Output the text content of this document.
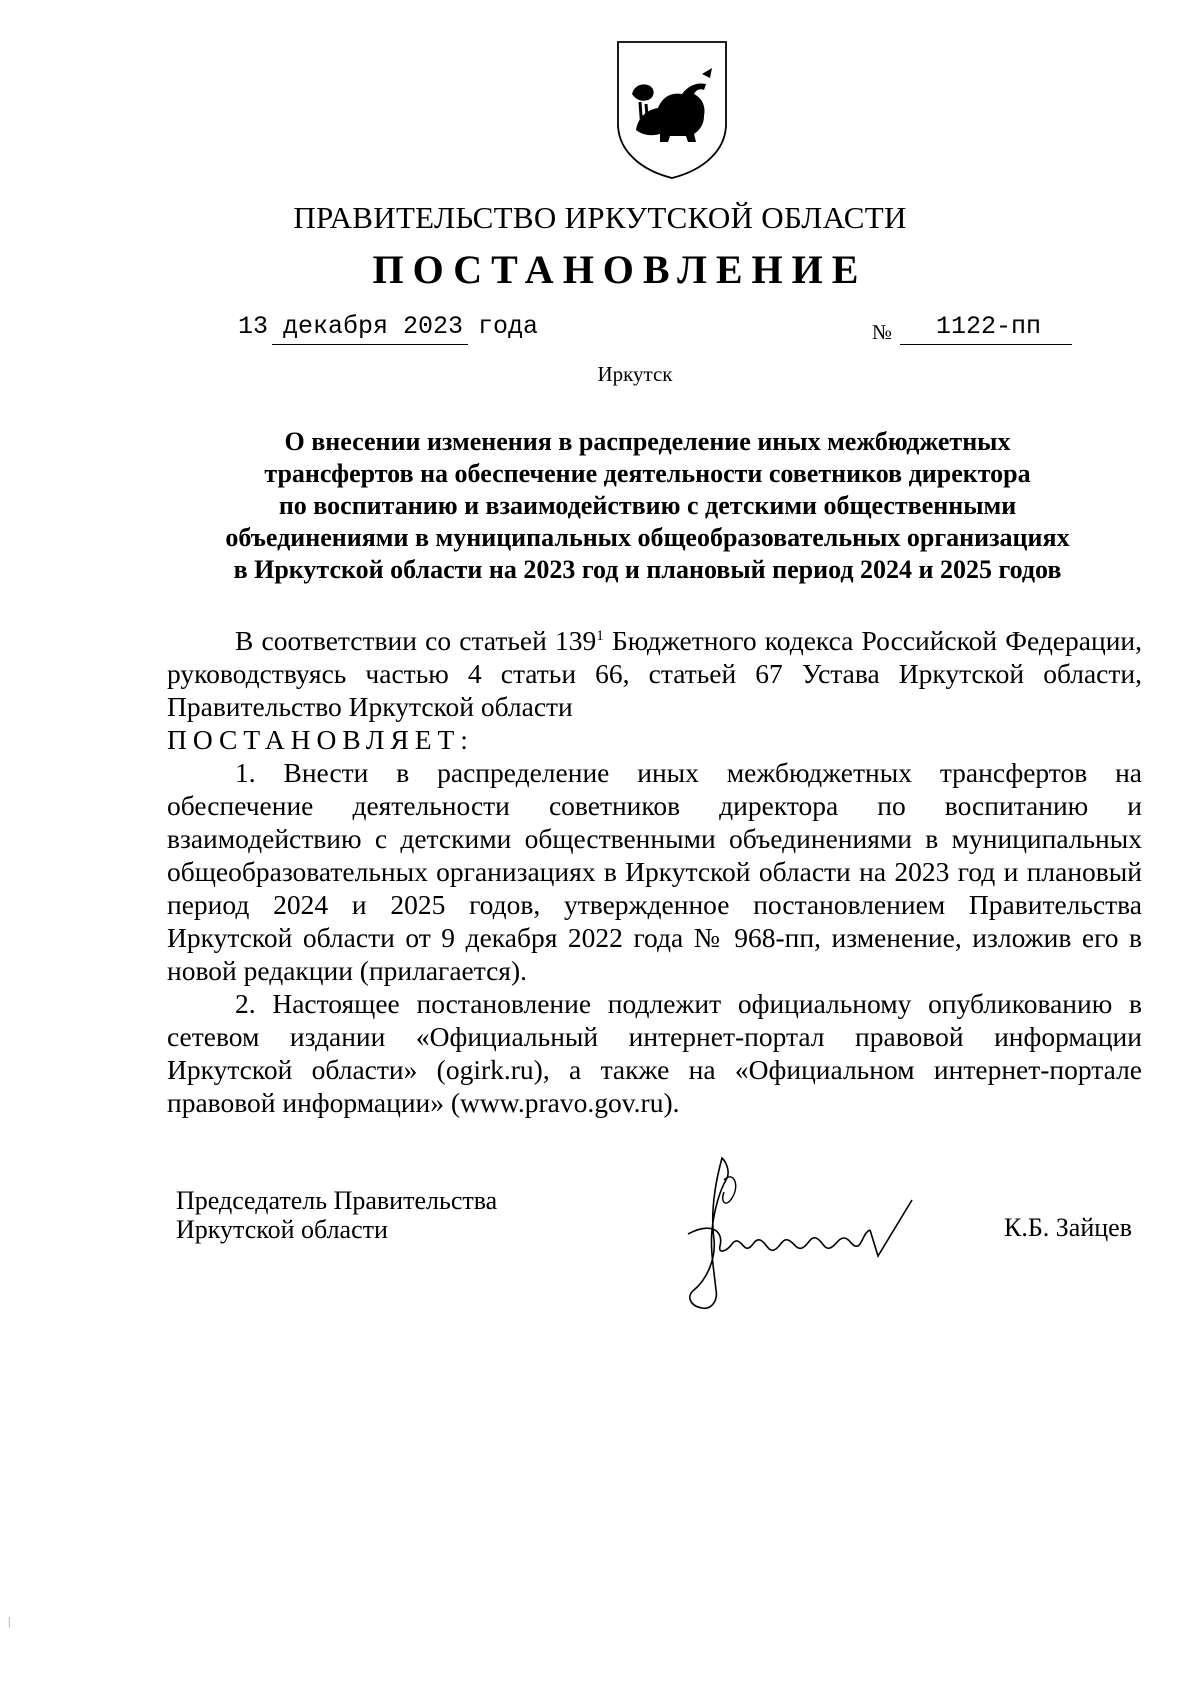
ПРАВИТЕЛЬСТВО ИРКУТСКОЙ ОБЛАСТИ
ПОСТАНОВЛЕНИЕ
13 декабря 2023 года	№ 1122-пп
Иркутск
О внесении изменения в распределение иных межбюджетных
трансфертов на обеспечение деятельности советников директора
по воспитанию и взаимодействию с детскими общественными
объединениями в муниципальных общеобразовательных организациях
в Иркутской области на 2023 год и плановый период 2024 и 2025 годов

В соответствии со статьей $139^1$ Бюджетного кодекса Российской Федерации, руководствуясь частью 4 статьи 66, статьей 67 Устава Иркутской области, Правительство Иркутской области

ПОСТАНОВЛЯЕТ:

1. Внести в распределение иных межбюджетных трансфертов на обеспечение деятельности советников директора по воспитанию и взаимодействию с детскими общественными объединениями в муниципальных общеобразовательных организациях в Иркутской области на 2023 год и плановый период 2024 и 2025 годов, утвержденное постановлением Правительства Иркутской области от 9 декабря 2022 года № 968-пп, изменение, изложив его в новой редакции (прилагается).

2. Настоящее постановление подлежит официальному опубликованию в сетевом издании «Официальный интернет-портал правовой информации Иркутской области» (ogirk.ru), а также на «Официальном интернет-портале правовой информации» (www.pravo.gov.ru).

Председатель Правительства
Иркутской области	К.Б. Зайцев
|
